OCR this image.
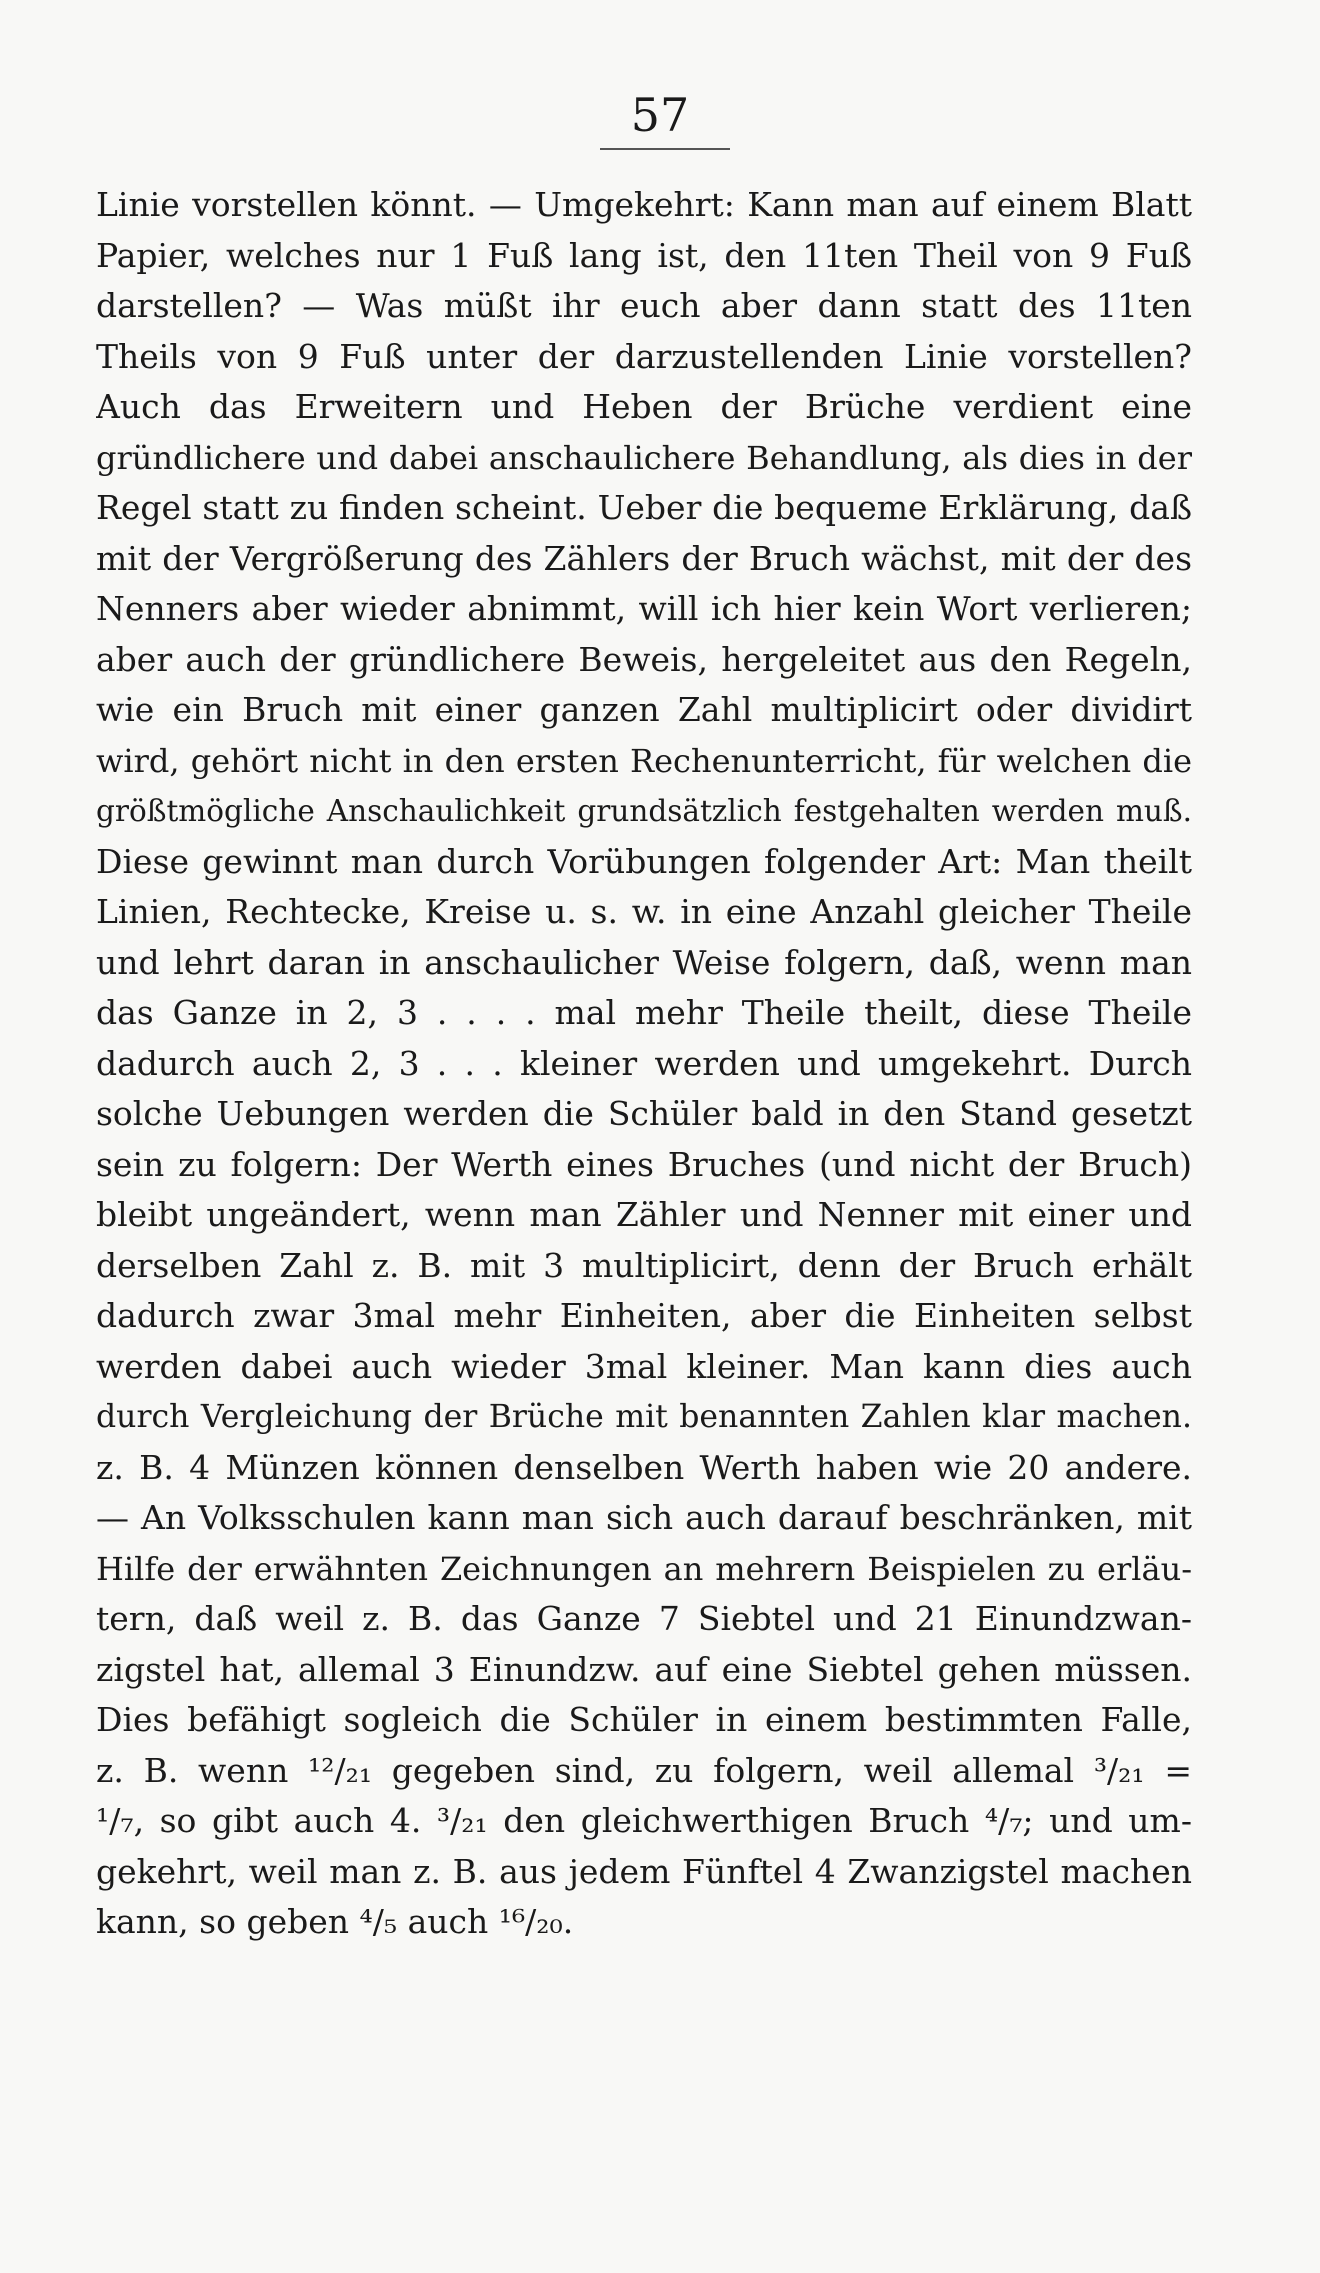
57
Linie vorstellen könnt. — Umgekehrt: Kann man auf einem Blatt
Papier, welches nur 1 Fuß lang ist, den 11ten Theil von 9 Fuß
darstellen? — Was müßt ihr euch aber dann statt des 11ten
Theils von 9 Fuß unter der darzustellenden Linie vorstellen?
Auch das Erweitern und Heben der Brüche verdient eine
gründlichere und dabei anschaulichere Behandlung, als dies in der
Regel statt zu finden scheint. Ueber die bequeme Erklärung, daß
mit der Vergrößerung des Zählers der Bruch wächst, mit der des
Nenners aber wieder abnimmt, will ich hier kein Wort verlieren;
aber auch der gründlichere Beweis, hergeleitet aus den Regeln,
wie ein Bruch mit einer ganzen Zahl multiplicirt oder dividirt
wird, gehört nicht in den ersten Rechenunterricht, für welchen die
größtmögliche Anschaulichkeit grundsätzlich festgehalten werden muß.
Diese gewinnt man durch Vorübungen folgender Art: Man theilt
Linien, Rechtecke, Kreise u. s. w. in eine Anzahl gleicher Theile
und lehrt daran in anschaulicher Weise folgern, daß, wenn man
das Ganze in 2, 3 . . . . mal mehr Theile theilt, diese Theile
dadurch auch 2, 3 . . . kleiner werden und umgekehrt. Durch
solche Uebungen werden die Schüler bald in den Stand gesetzt
sein zu folgern: Der Werth eines Bruches (und nicht der Bruch)
bleibt ungeändert, wenn man Zähler und Nenner mit einer und
derselben Zahl z. B. mit 3 multiplicirt, denn der Bruch erhält
dadurch zwar 3mal mehr Einheiten, aber die Einheiten selbst
werden dabei auch wieder 3mal kleiner. Man kann dies auch
durch Vergleichung der Brüche mit benannten Zahlen klar machen.
z. B. 4 Münzen können denselben Werth haben wie 20 andere.
— An Volksschulen kann man sich auch darauf beschränken, mit
Hilfe der erwähnten Zeichnungen an mehrern Beispielen zu erläu-
tern, daß weil z. B. das Ganze 7 Siebtel und 21 Einundzwan-
zigstel hat, allemal 3 Einundzw. auf eine Siebtel gehen müssen.
Dies befähigt sogleich die Schüler in einem bestimmten Falle,
z. B. wenn ¹²/₂₁ gegeben sind, zu folgern, weil allemal ³/₂₁ =
¹/₇, so gibt auch 4. ³/₂₁ den gleichwerthigen Bruch ⁴/₇; und um-
gekehrt, weil man z. B. aus jedem Fünftel 4 Zwanzigstel machen
kann, so geben ⁴/₅ auch ¹⁶/₂₀.
